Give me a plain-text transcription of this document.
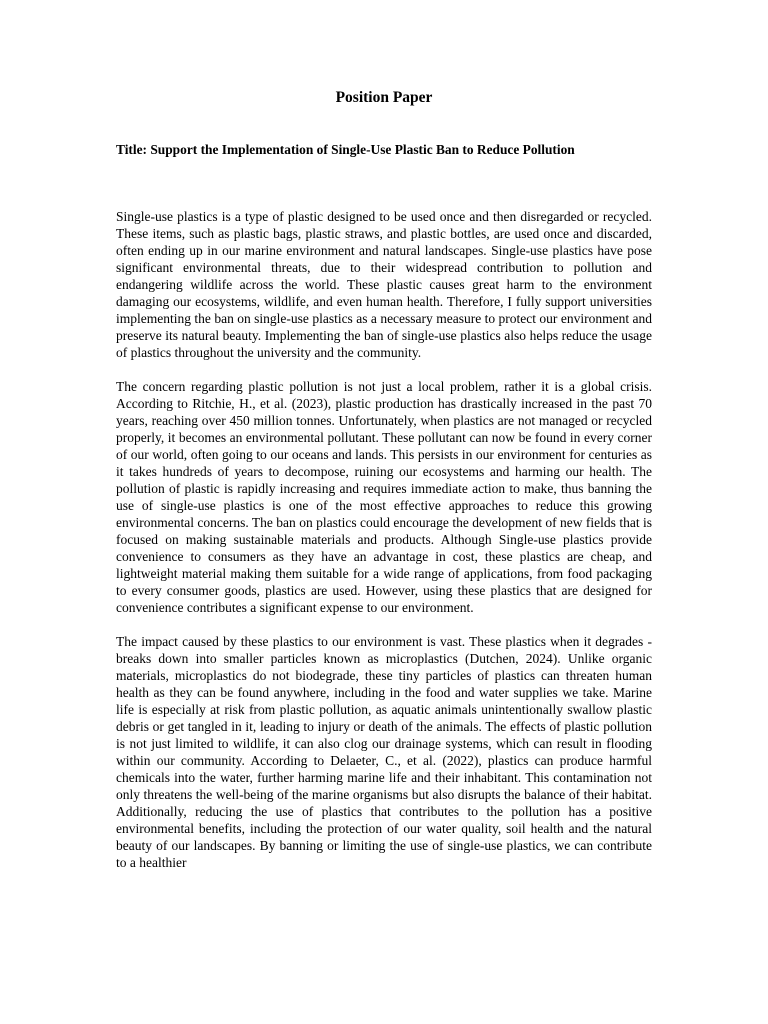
Position Paper
Title: Support the Implementation of Single-Use Plastic Ban to Reduce Pollution

Single-use plastics is a type of plastic designed to be used once and then disregarded or recycled. These items, such as plastic bags, plastic straws, and plastic bottles, are used once and discarded, often ending up in our marine environment and natural landscapes. Single-use plastics have pose significant environmental threats, due to their widespread contribution to pollution and endangering wildlife across the world. These plastic causes great harm to the environment damaging our ecosystems, wildlife, and even human health. Therefore, I fully support universities implementing the ban on single-use plastics as a necessary measure to protect our environment and preserve its natural beauty. Implementing the ban of single-use plastics also helps reduce the usage of plastics throughout the university and the community.

The concern regarding plastic pollution is not just a local problem, rather it is a global crisis. According to Ritchie, H., et al. (2023), plastic production has drastically increased in the past 70 years, reaching over 450 million tonnes. Unfortunately, when plastics are not managed or recycled properly, it becomes an environmental pollutant. These pollutant can now be found in every corner of our world, often going to our oceans and lands. This persists in our environment for centuries as it takes hundreds of years to decompose, ruining our ecosystems and harming our health. The pollution of plastic is rapidly increasing and requires immediate action to make, thus banning the use of single-use plastics is one of the most effective approaches to reduce this growing environmental concerns. The ban on plastics could encourage the development of new fields that is focused on making sustainable materials and products. Although Single-use plastics provide convenience to consumers as they have an advantage in cost, these plastics are cheap, and lightweight material making them suitable for a wide range of applications, from food packaging to every consumer goods, plastics are used. However, using these plastics that are designed for convenience contributes a significant expense to our environment.

The impact caused by these plastics to our environment is vast. These plastics when it degrades - breaks down into smaller particles known as microplastics (Dutchen, 2024). Unlike organic materials, microplastics do not biodegrade, these tiny particles of plastics can threaten human health as they can be found anywhere, including in the food and water supplies we take. Marine life is especially at risk from plastic pollution, as aquatic animals unintentionally swallow plastic debris or get tangled in it, leading to injury or death of the animals. The effects of plastic pollution is not just limited to wildlife, it can also clog our drainage systems, which can result in flooding within our community. According to Delaeter, C., et al. (2022), plastics can produce harmful chemicals into the water, further harming marine life and their inhabitant. This contamination not only threatens the well-being of the marine organisms but also disrupts the balance of their habitat. Additionally, reducing the use of plastics that contributes to the pollution has a positive environmental benefits, including the protection of our water quality, soil health and the natural beauty of our landscapes. By banning or limiting the use of single-use plastics, we can contribute to a healthier
